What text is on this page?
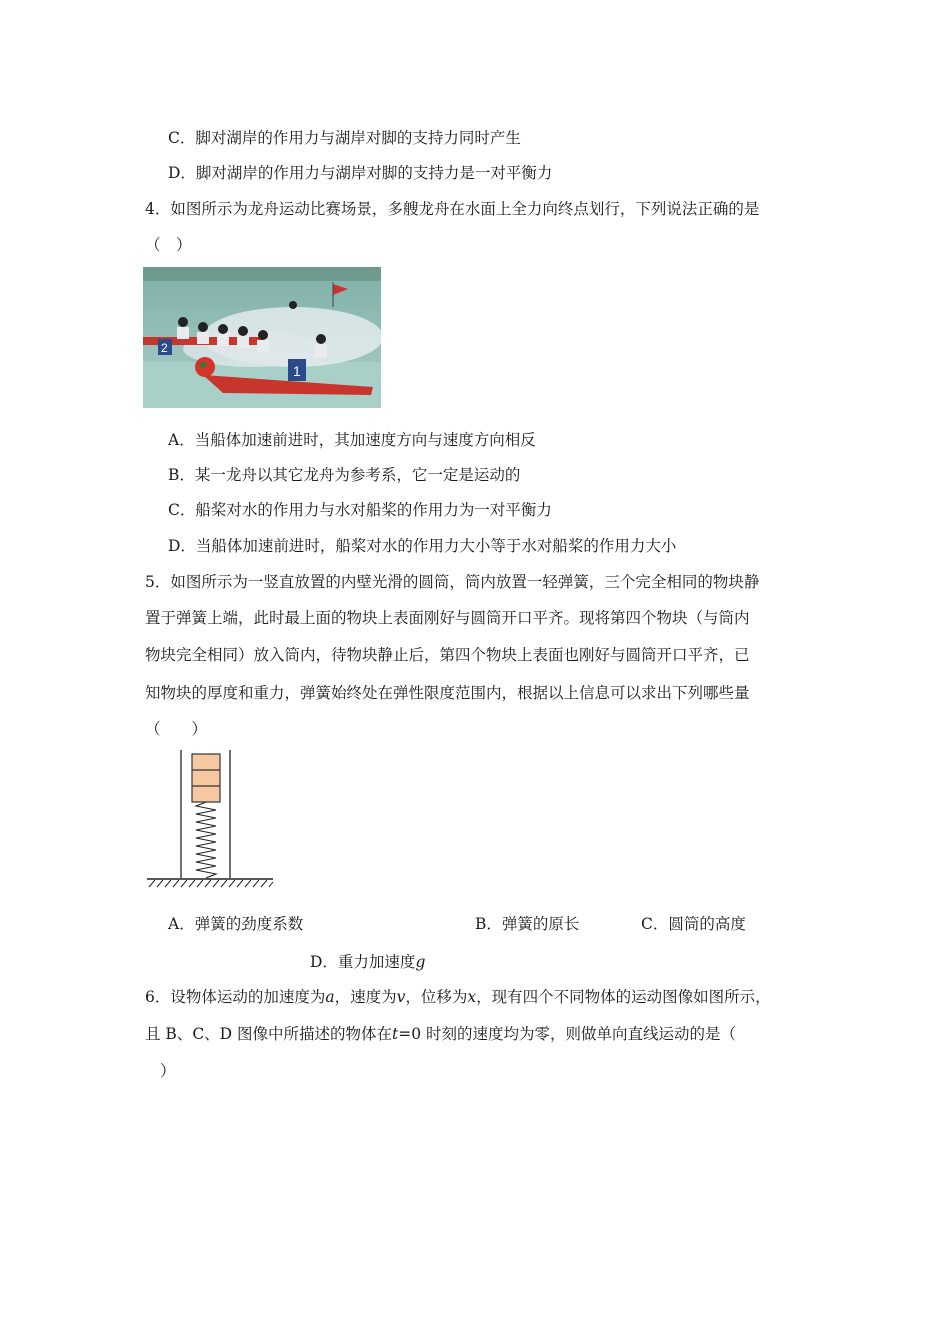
C．脚对湖岸的作用力与湖岸对脚的支持力同时产生
D．脚对湖岸的作用力与湖岸对脚的支持力是一对平衡力
4．如图所示为龙舟运动比赛场景，多艘龙舟在水面上全力向终点划行，下列说法正确的是
（　）
2
1
A．当船体加速前进时，其加速度方向与速度方向相反
B．某一龙舟以其它龙舟为参考系，它一定是运动的
C．船桨对水的作用力与水对船桨的作用力为一对平衡力
D．当船体加速前进时，船桨对水的作用力大小等于水对船桨的作用力大小
5．如图所示为一竖直放置的内壁光滑的圆筒，筒内放置一轻弹簧，三个完全相同的物块静
置于弹簧上端，此时最上面的物块上表面刚好与圆筒开口平齐。现将第四个物块（与筒内
物块完全相同）放入筒内，待物块静止后，第四个物块上表面也刚好与圆筒开口平齐，已
知物块的厚度和重力，弹簧始终处在弹性限度范围内，根据以上信息可以求出下列哪些量
（　　）
A．弹簧的劲度系数	B．弹簧的原长	C．圆筒的高度
D．重力加速度g
6．设物体运动的加速度为a，速度为v，位移为x，现有四个不同物体的运动图像如图所示，
且 B、C、D 图像中所描述的物体在t=0 时刻的速度均为零，则做单向直线运动的是（
）
